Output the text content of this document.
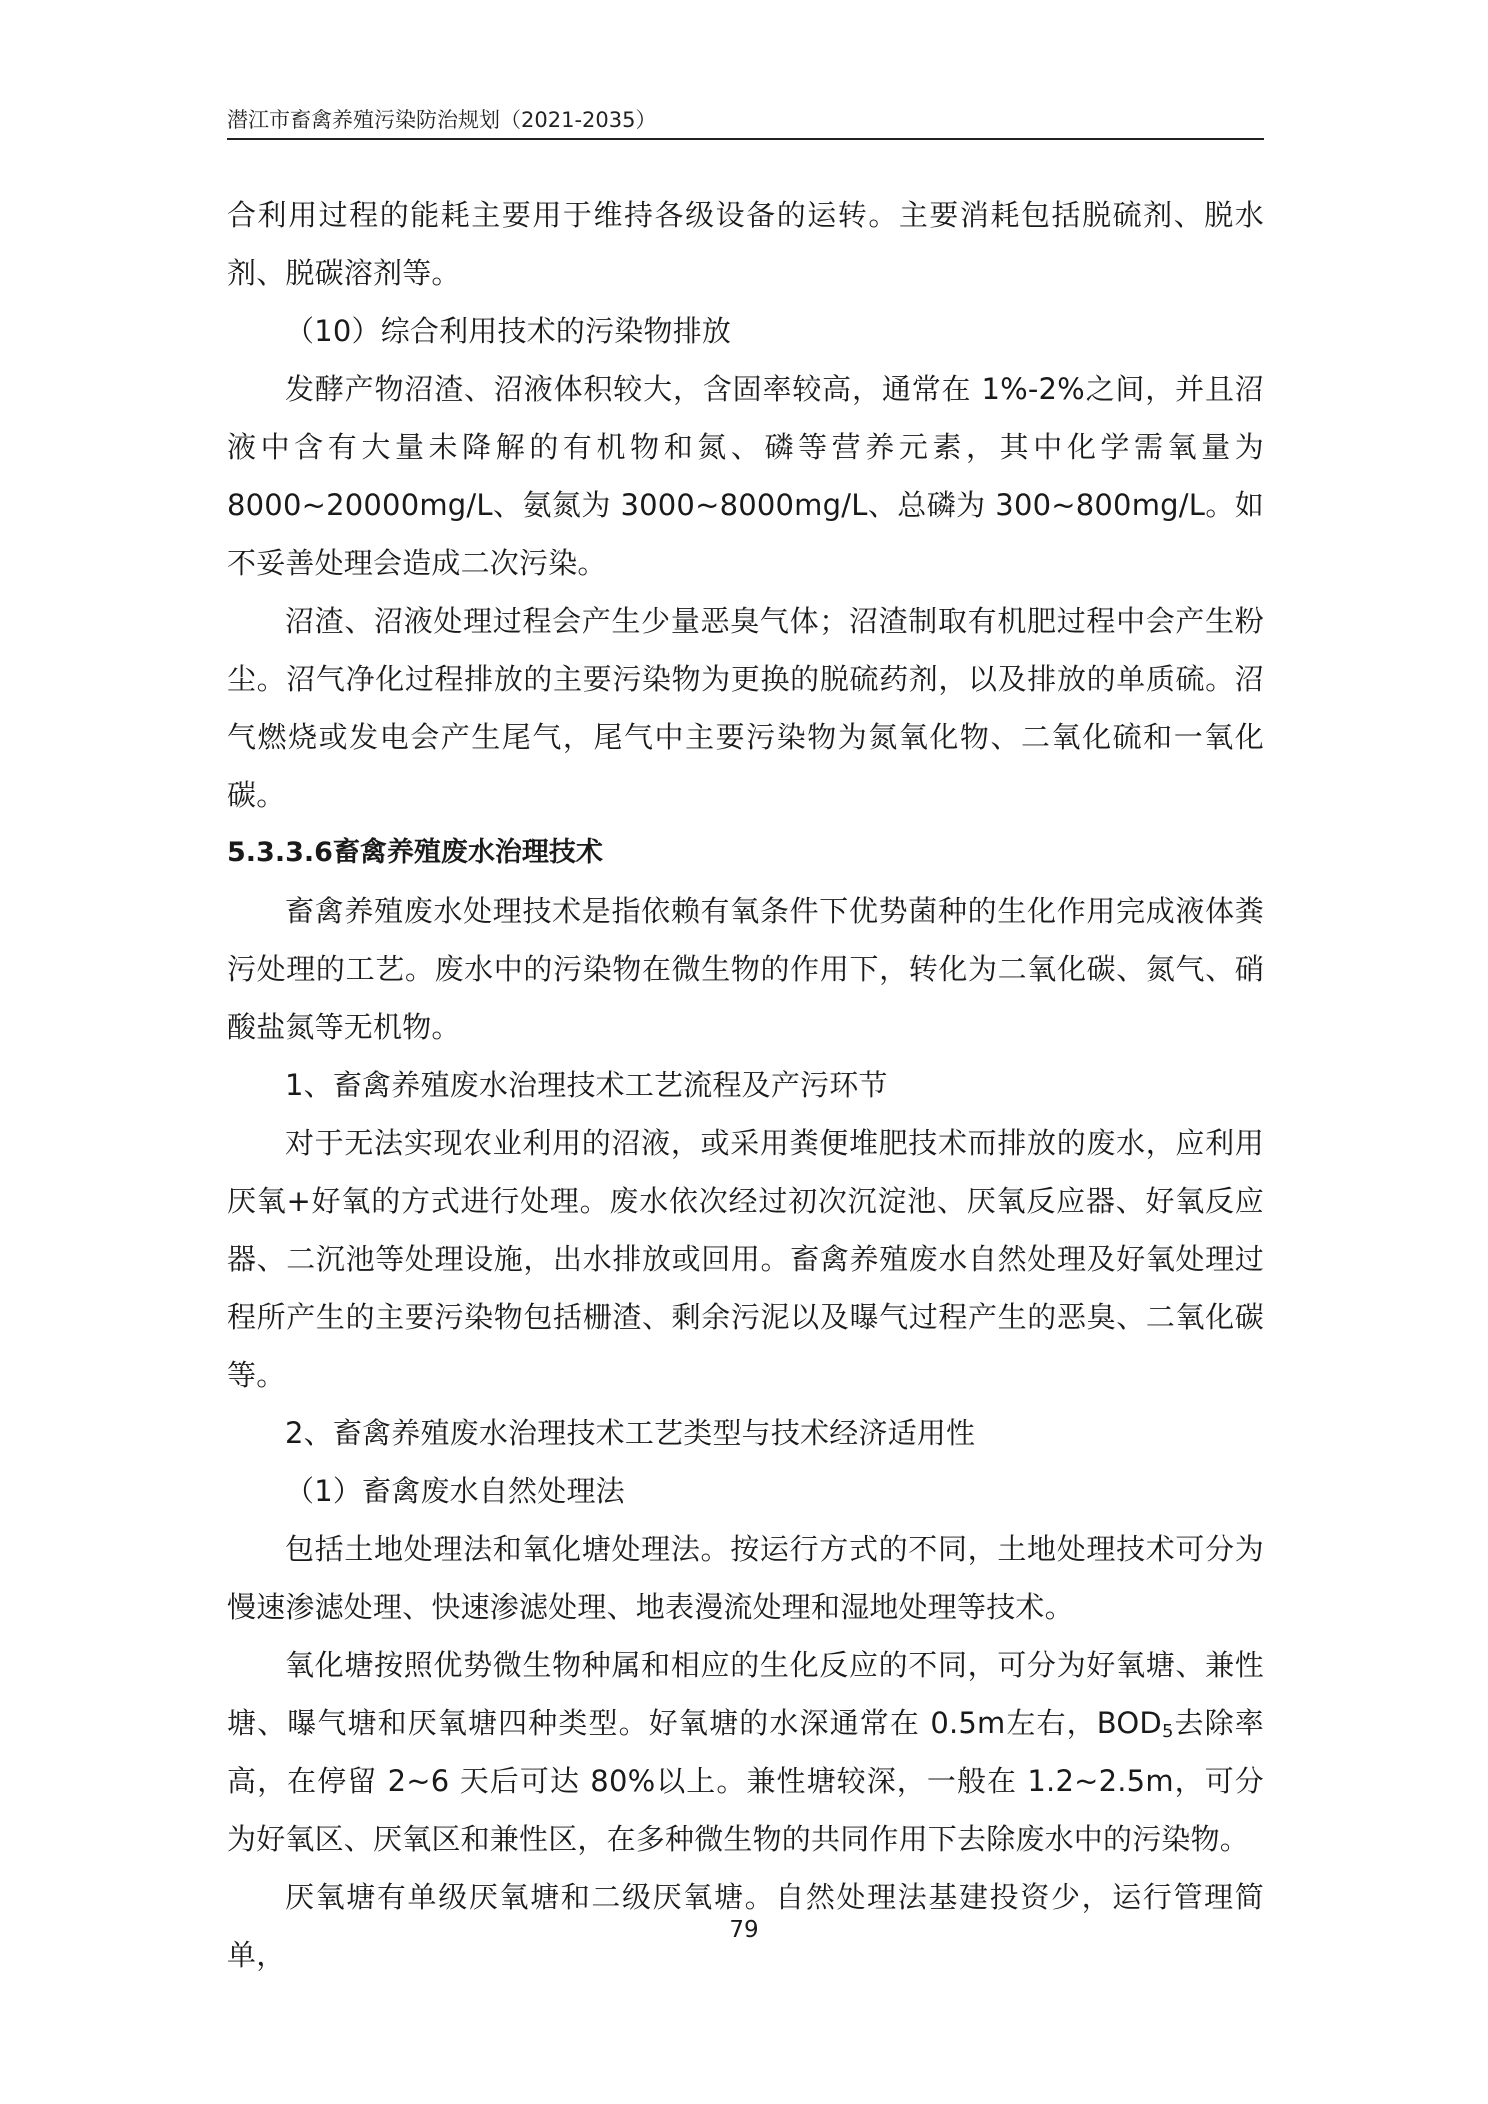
潜江市畜禽养殖污染防治规划（2021-2035）

合利用过程的能耗主要用于维持各级设备的运转。主要消耗包括脱硫剂、脱水剂、脱碳溶剂等。

（10）综合利用技术的污染物排放

发酵产物沼渣、沼液体积较大，含固率较高，通常在 1%-2%之间，并且沼液中含有大量未降解的有机物和氮、磷等营养元素，其中化学需氧量为 8000~20000mg/L、氨氮为 3000~8000mg/L、总磷为 300~800mg/L。如不妥善处理会造成二次污染。

沼渣、沼液处理过程会产生少量恶臭气体；沼渣制取有机肥过程中会产生粉尘。沼气净化过程排放的主要污染物为更换的脱硫药剂，以及排放的单质硫。沼气燃烧或发电会产生尾气，尾气中主要污染物为氮氧化物、二氧化硫和一氧化碳。

5.3.3.6畜禽养殖废水治理技术

畜禽养殖废水处理技术是指依赖有氧条件下优势菌种的生化作用完成液体粪污处理的工艺。废水中的污染物在微生物的作用下，转化为二氧化碳、氮气、硝酸盐氮等无机物。

1、畜禽养殖废水治理技术工艺流程及产污环节

对于无法实现农业利用的沼液，或采用粪便堆肥技术而排放的废水，应利用厌氧+好氧的方式进行处理。废水依次经过初次沉淀池、厌氧反应器、好氧反应器、二沉池等处理设施，出水排放或回用。畜禽养殖废水自然处理及好氧处理过程所产生的主要污染物包括栅渣、剩余污泥以及曝气过程产生的恶臭、二氧化碳等。

2、畜禽养殖废水治理技术工艺类型与技术经济适用性

（1）畜禽废水自然处理法

包括土地处理法和氧化塘处理法。按运行方式的不同，土地处理技术可分为慢速渗滤处理、快速渗滤处理、地表漫流处理和湿地处理等技术。

氧化塘按照优势微生物种属和相应的生化反应的不同，可分为好氧塘、兼性塘、曝气塘和厌氧塘四种类型。好氧塘的水深通常在 0.5m左右，$BOD_5$去除率高，在停留 2~6 天后可达 80%以上。兼性塘较深，一般在 1.2~2.5m，可分为好氧区、厌氧区和兼性区，在多种微生物的共同作用下去除废水中的污染物。

厌氧塘有单级厌氧塘和二级厌氧塘。自然处理法基建投资少，运行管理简单，

79
